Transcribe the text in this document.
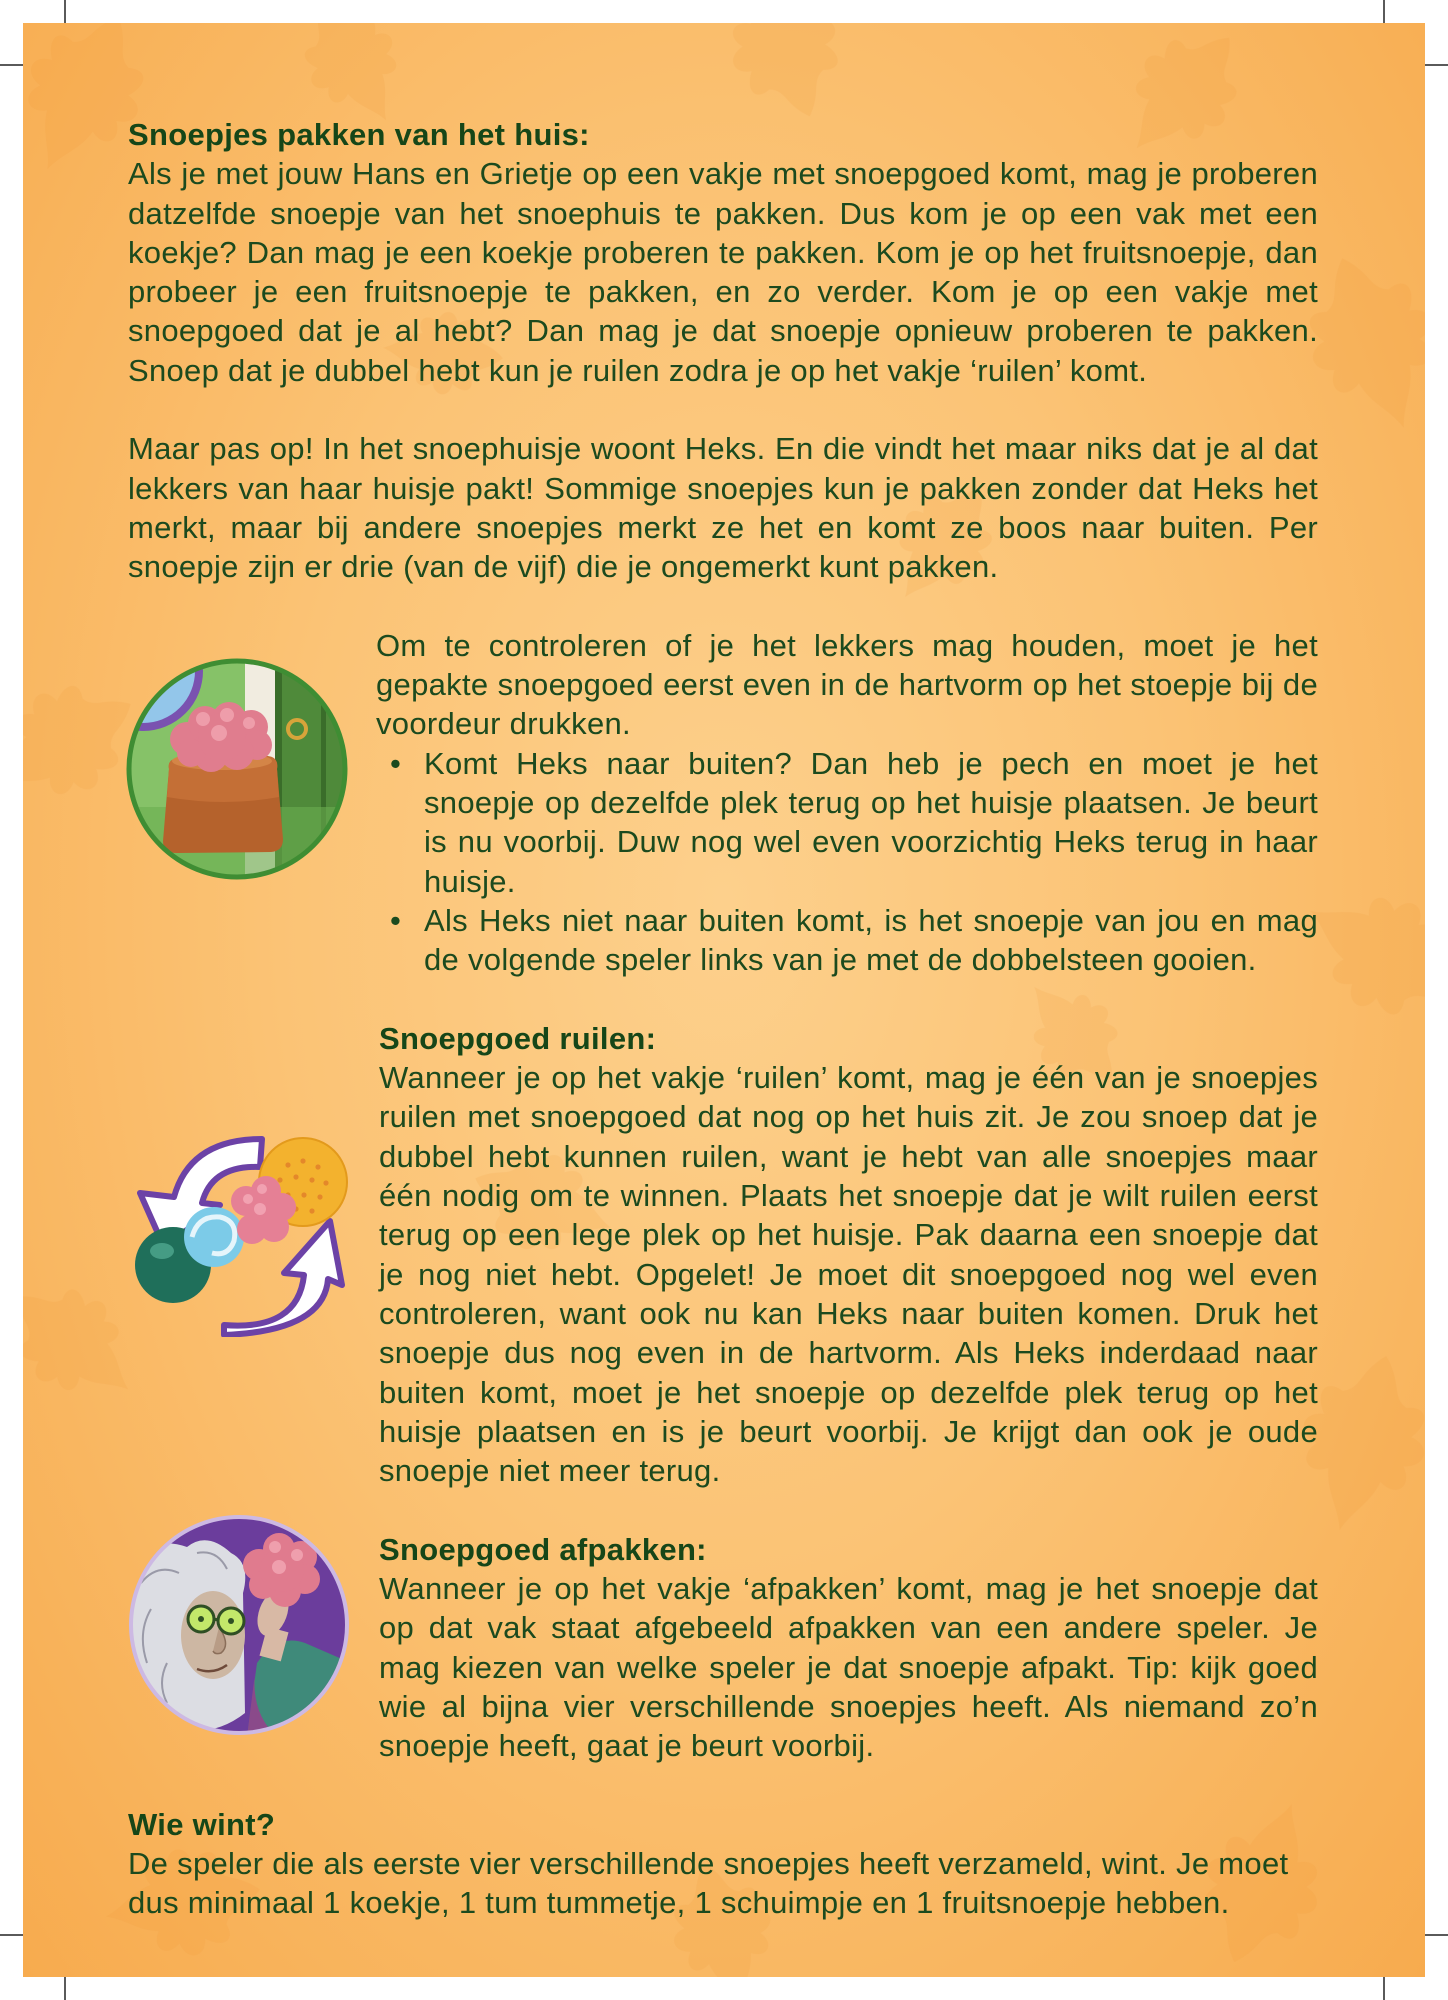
Snoepjes pakken van het huis:

Als je met jouw Hans en Grietje op een vakje met snoepgoed komt, mag je proberen datzelfde snoepje van het snoephuis te pakken. Dus kom je op een vak met een koekje? Dan mag je een koekje proberen te pakken. Kom je op het fruitsnoepje, dan probeer je een fruitsnoepje te pakken, en zo verder. Kom je op een vakje met snoepgoed dat je al hebt? Dan mag je dat snoepje opnieuw proberen te pakken. Snoep dat je dubbel hebt kun je ruilen zodra je op het vakje ‘ruilen’ komt.

Maar pas op! In het snoephuisje woont Heks. En die vindt het maar niks dat je al dat lekkers van haar huisje pakt! Sommige snoepjes kun je pakken zonder dat Heks het merkt, maar bij andere snoepjes merkt ze het en komt ze boos naar buiten. Per snoepje zijn er drie (van de vijf) die je ongemerkt kunt pakken.

Om te controleren of je het lekkers mag houden, moet je het gepakte snoepgoed eerst even in de hartvorm op het stoepje bij de voordeur drukken.

• Komt Heks naar buiten? Dan heb je pech en moet je het snoepje op dezelfde plek terug op het huisje plaatsen. Je beurt is nu voorbij. Duw nog wel even voorzichtig Heks terug in haar huisje.
• Als Heks niet naar buiten komt, is het snoepje van jou en mag de volgende speler links van je met de dobbelsteen gooien.
Snoepgoed ruilen:

Wanneer je op het vakje ‘ruilen’ komt, mag je één van je snoepjes ruilen met snoepgoed dat nog op het huis zit. Je zou snoep dat je dubbel hebt kunnen ruilen, want je hebt van alle snoepjes maar één nodig om te winnen. Plaats het snoepje dat je wilt ruilen eerst terug op een lege plek op het huisje. Pak daarna een snoepje dat je nog niet hebt. Opgelet! Je moet dit snoepgoed nog wel even controleren, want ook nu kan Heks naar buiten komen. Druk het snoepje dus nog even in de hartvorm. Als Heks inderdaad naar buiten komt, moet je het snoepje op dezelfde plek terug op het huisje plaatsen en is je beurt voorbij. Je krijgt dan ook je oude snoepje niet meer terug.

Snoepgoed afpakken:

Wanneer je op het vakje ‘afpakken’ komt, mag je het snoepje dat op dat vak staat afgebeeld afpakken van een andere speler. Je mag kiezen van welke speler je dat snoepje afpakt. Tip: kijk goed wie al bijna vier verschillende snoepjes heeft. Als niemand zo’n snoepje heeft, gaat je beurt voorbij.

Wie wint?

De speler die als eerste vier verschillende snoepjes heeft verzameld, wint. Je moet dus minimaal 1 koekje, 1 tum tummetje, 1 schuimpje en 1 fruitsnoepje hebben.
